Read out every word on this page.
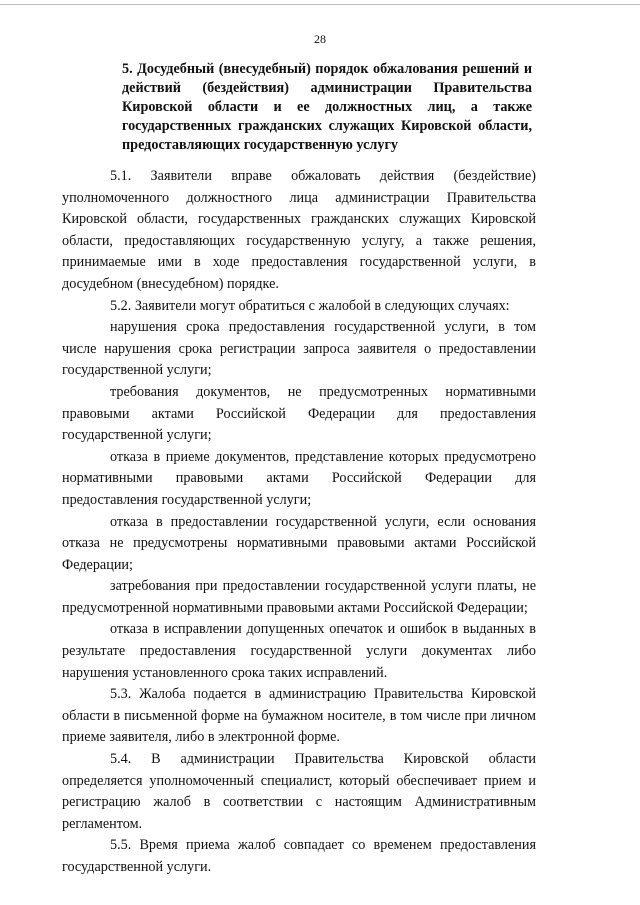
28
5. Досудебный (внесудебный) порядок обжалования решений и действий (бездействия) администрации Правительства Кировской области и ее должностных лиц, а также государственных гражданских служащих Кировской области, предоставляющих государственную услугу

5.1. Заявители вправе обжаловать действия (бездействие) уполномоченного должностного лица администрации Правительства Кировской области, государственных гражданских служащих Кировской области, предоставляющих государственную услугу, а также решения, принимаемые ими в ходе предоставления государственной услуги, в досудебном (внесудебном) порядке.

5.2. Заявители могут обратиться с жалобой в следующих случаях:

нарушения срока предоставления государственной услуги, в том числе нарушения срока регистрации запроса заявителя о предоставлении государственной услуги;

требования документов, не предусмотренных нормативными правовыми актами Российской Федерации для предоставления государственной услуги;

отказа в приеме документов, представление которых предусмотрено нормативными правовыми актами Российской Федерации для предоставления государственной услуги;

отказа в предоставлении государственной услуги, если основания отказа не предусмотрены нормативными правовыми актами Российской Федерации;

затребования при предоставлении государственной услуги платы, не предусмотренной нормативными правовыми актами Российской Федерации;

отказа в исправлении допущенных опечаток и ошибок в выданных в результате предоставления государственной услуги документах либо нарушения установленного срока таких исправлений.

5.3. Жалоба подается в администрацию Правительства Кировской области в письменной форме на бумажном носителе, в том числе при личном приеме заявителя, либо в электронной форме.

5.4. В администрации Правительства Кировской области определяется уполномоченный специалист, который обеспечивает прием и регистрацию жалоб в соответствии с настоящим Административным регламентом.

5.5. Время приема жалоб совпадает со временем предоставления государственной услуги.
